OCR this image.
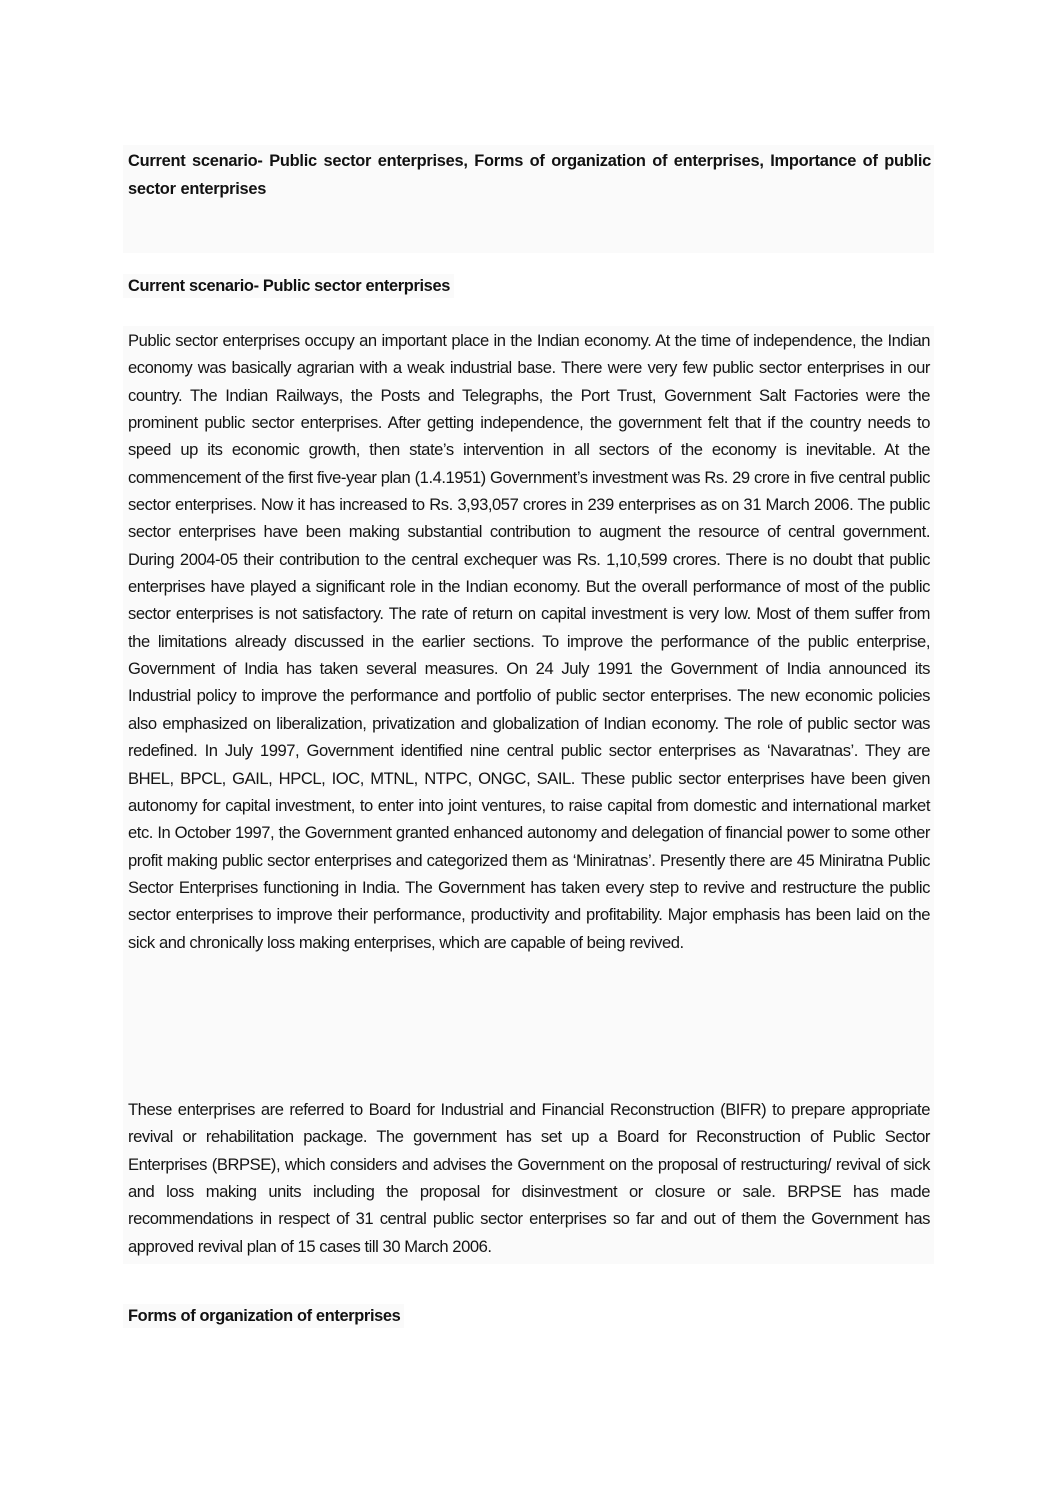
Current scenario- Public sector enterprises, Forms of organization of enterprises, Importance of public sector enterprises

Current scenario- Public sector enterprises

Public sector enterprises occupy an important place in the Indian economy. At the time of independence, the Indian economy was basically agrarian with a weak industrial base. There were very few public sector enterprises in our country. The Indian Railways, the Posts and Telegraphs, the Port Trust, Government Salt Factories were the prominent public sector enterprises. After getting independence, the government felt that if the country needs to speed up its economic growth, then state’s intervention in all sectors of the economy is inevitable. At the commencement of the first five-year plan (1.4.1951) Government’s investment was Rs. 29 crore in five central public sector enterprises. Now it has increased to Rs. 3,93,057 crores in 239 enterprises as on 31 March 2006. The public sector enterprises have been making substantial contribution to augment the resource of central government. During 2004-05 their contribution to the central exchequer was Rs. 1,10,599 crores. There is no doubt that public enterprises have played a significant role in the Indian economy. But the overall performance of most of the public sector enterprises is not satisfactory. The rate of return on capital investment is very low. Most of them suffer from the limitations already discussed in the earlier sections. To improve the performance of the public enterprise, Government of India has taken several measures. On 24 July 1991 the Government of India announced its Industrial policy to improve the performance and portfolio of public sector enterprises. The new economic policies also emphasized on liberalization, privatization and globalization of Indian economy. The role of public sector was redefined. In July 1997, Government identified nine central public sector enterprises as ‘Navaratnas’. They are BHEL, BPCL, GAIL, HPCL, IOC, MTNL, NTPC, ONGC, SAIL. These public sector enterprises have been given autonomy for capital investment, to enter into joint ventures, to raise capital from domestic and international market etc. In October 1997, the Government granted enhanced autonomy and delegation of financial power to some other profit making public sector enterprises and categorized them as ‘Miniratnas’. Presently there are 45 Miniratna Public Sector Enterprises functioning in India. The Government has taken every step to revive and restructure the public sector enterprises to improve their performance, productivity and profitability. Major emphasis has been laid on the sick and chronically loss making enterprises, which are capable of being revived.

These enterprises are referred to Board for Industrial and Financial Reconstruction (BIFR) to prepare appropriate revival or rehabilitation package. The government has set up a Board for Reconstruction of Public Sector Enterprises (BRPSE), which considers and advises the Government on the proposal of restructuring/ revival of sick and loss making units including the proposal for disinvestment or closure or sale. BRPSE has made recommendations in respect of 31 central public sector enterprises so far and out of them the Government has approved revival plan of 15 cases till 30 March 2006.

Forms of organization of enterprises
